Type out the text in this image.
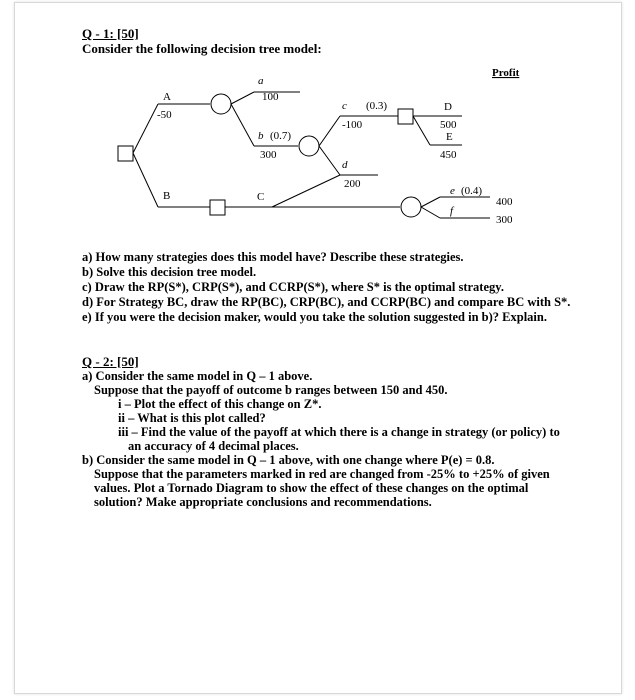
Q - 1: [50]
Consider the following decision tree model:
Profit
A
-50
B
a
100
b (0.7)
300
c (0.3)
-100
d
200
C
D
500
E
450
e (0.4)
f
400
300
a) How many strategies does this model have? Describe these strategies.
b) Solve this decision tree model.
c) Draw the RP(S*), CRP(S*), and CCRP(S*), where S* is the optimal strategy.
d) For Strategy BC, draw the RP(BC), CRP(BC), and CCRP(BC) and compare BC with S*.
e) If you were the decision maker, would you take the solution suggested in b)? Explain.
Q - 2: [50]
a) Consider the same model in Q – 1 above.
Suppose that the payoff of outcome b ranges between 150 and 450.
i – Plot the effect of this change on Z*.
ii – What is this plot called?
iii – Find the value of the payoff at which there is a change in strategy (or policy) to
an accuracy of 4 decimal places.
b) Consider the same model in Q – 1 above, with one change where P(e) = 0.8.
Suppose that the parameters marked in red are changed from -25% to +25% of given
values. Plot a Tornado Diagram to show the effect of these changes on the optimal
solution? Make appropriate conclusions and recommendations.
